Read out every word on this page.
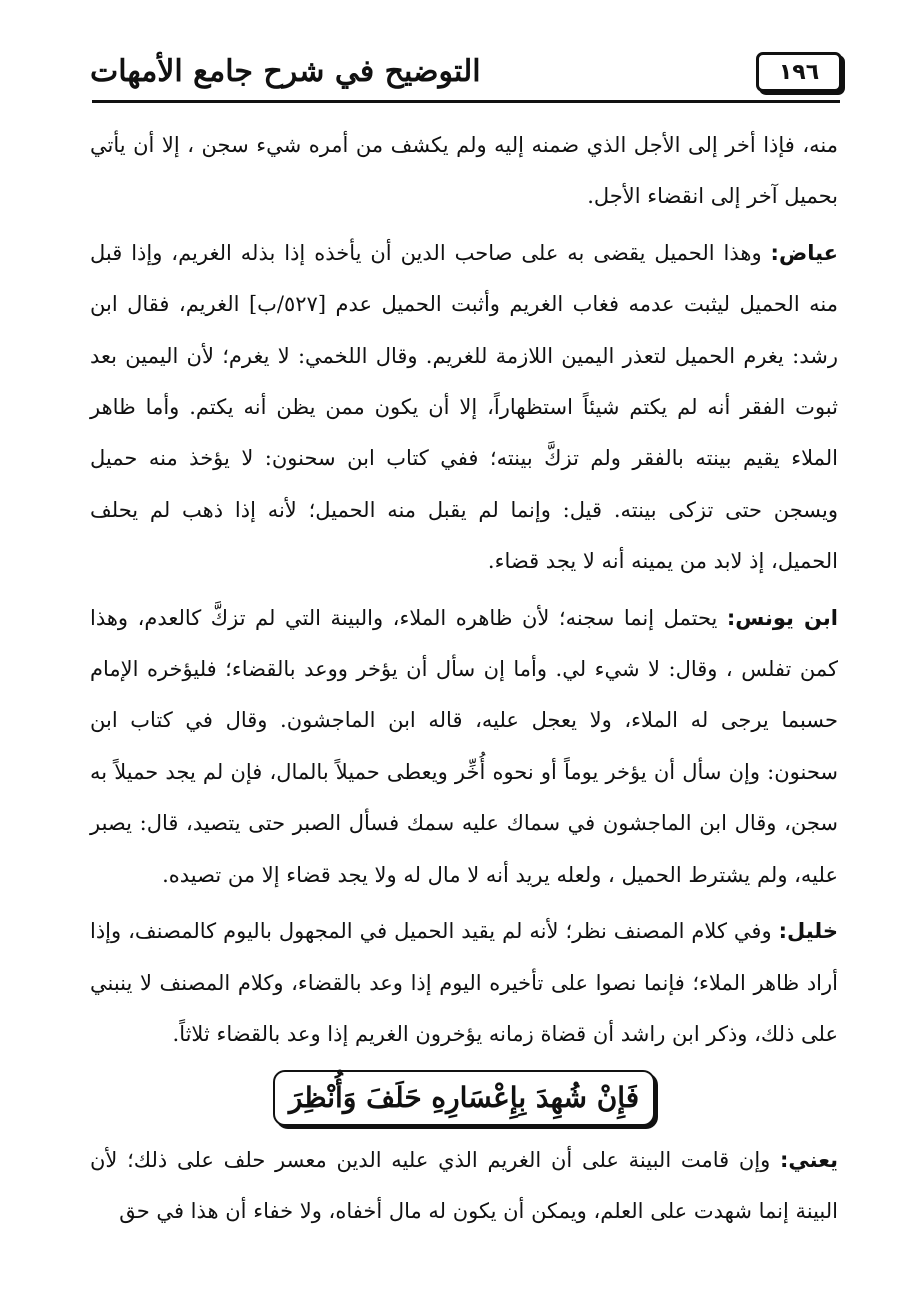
التوضيح في شرح جامع الأمهات	١٩٦

منه، فإذا أخر إلى الأجل الذي ضمنه إليه ولم يكشف من أمره شيء سجن ، إلا أن يأتي بحميل آخر إلى انقضاء الأجل.

عياض: وهذا الحميل يقضى به على صاحب الدين أن يأخذه إذا بذله الغريم، وإذا قبل منه الحميل ليثبت عدمه فغاب الغريم وأثبت الحميل عدم [٥٢٧/ب] الغريم، فقال ابن رشد: يغرم الحميل لتعذر اليمين اللازمة للغريم. وقال اللخمي: لا يغرم؛ لأن اليمين بعد ثبوت الفقر أنه لم يكتم شيئاً استظهاراً، إلا أن يكون ممن يظن أنه يكتم. وأما ظاهر الملاء يقيم بينته بالفقر ولم تزكَّ بينته؛ ففي كتاب ابن سحنون: لا يؤخذ منه حميل ويسجن حتى تزكى بينته. قيل: وإنما لم يقبل منه الحميل؛ لأنه إذا ذهب لم يحلف الحميل، إذ لابد من يمينه أنه لا يجد قضاء.

ابن يونس: يحتمل إنما سجنه؛ لأن ظاهره الملاء، والبينة التي لم تزكَّ كالعدم، وهذا كمن تفلس ، وقال: لا شيء لي. وأما إن سأل أن يؤخر ووعد بالقضاء؛ فليؤخره الإمام حسبما يرجى له الملاء، ولا يعجل عليه، قاله ابن الماجشون. وقال في كتاب ابن سحنون: وإن سأل أن يؤخر يوماً أو نحوه أُخِّر ويعطى حميلاً بالمال، فإن لم يجد حميلاً به سجن، وقال ابن الماجشون في سماك عليه سمك فسأل الصبر حتى يتصيد، قال: يصبر عليه، ولم يشترط الحميل ، ولعله يريد أنه لا مال له ولا يجد قضاء إلا من تصيده.

خليل: وفي كلام المصنف نظر؛ لأنه لم يقيد الحميل في المجهول باليوم كالمصنف، وإذا أراد ظاهر الملاء؛ فإنما نصوا على تأخيره اليوم إذا وعد بالقضاء، وكلام المصنف لا ينبني على ذلك، وذكر ابن راشد أن قضاة زمانه يؤخرون الغريم إذا وعد بالقضاء ثلاثاً.

فَإِنْ شُهِدَ بِإِعْسَارِهِ حَلَفَ وَأُنْظِرَ

يعني: وإن قامت البينة على أن الغريم الذي عليه الدين معسر حلف على ذلك؛ لأن البينة إنما شهدت على العلم، ويمكن أن يكون له مال أخفاه، ولا خفاء أن هذا في حق
